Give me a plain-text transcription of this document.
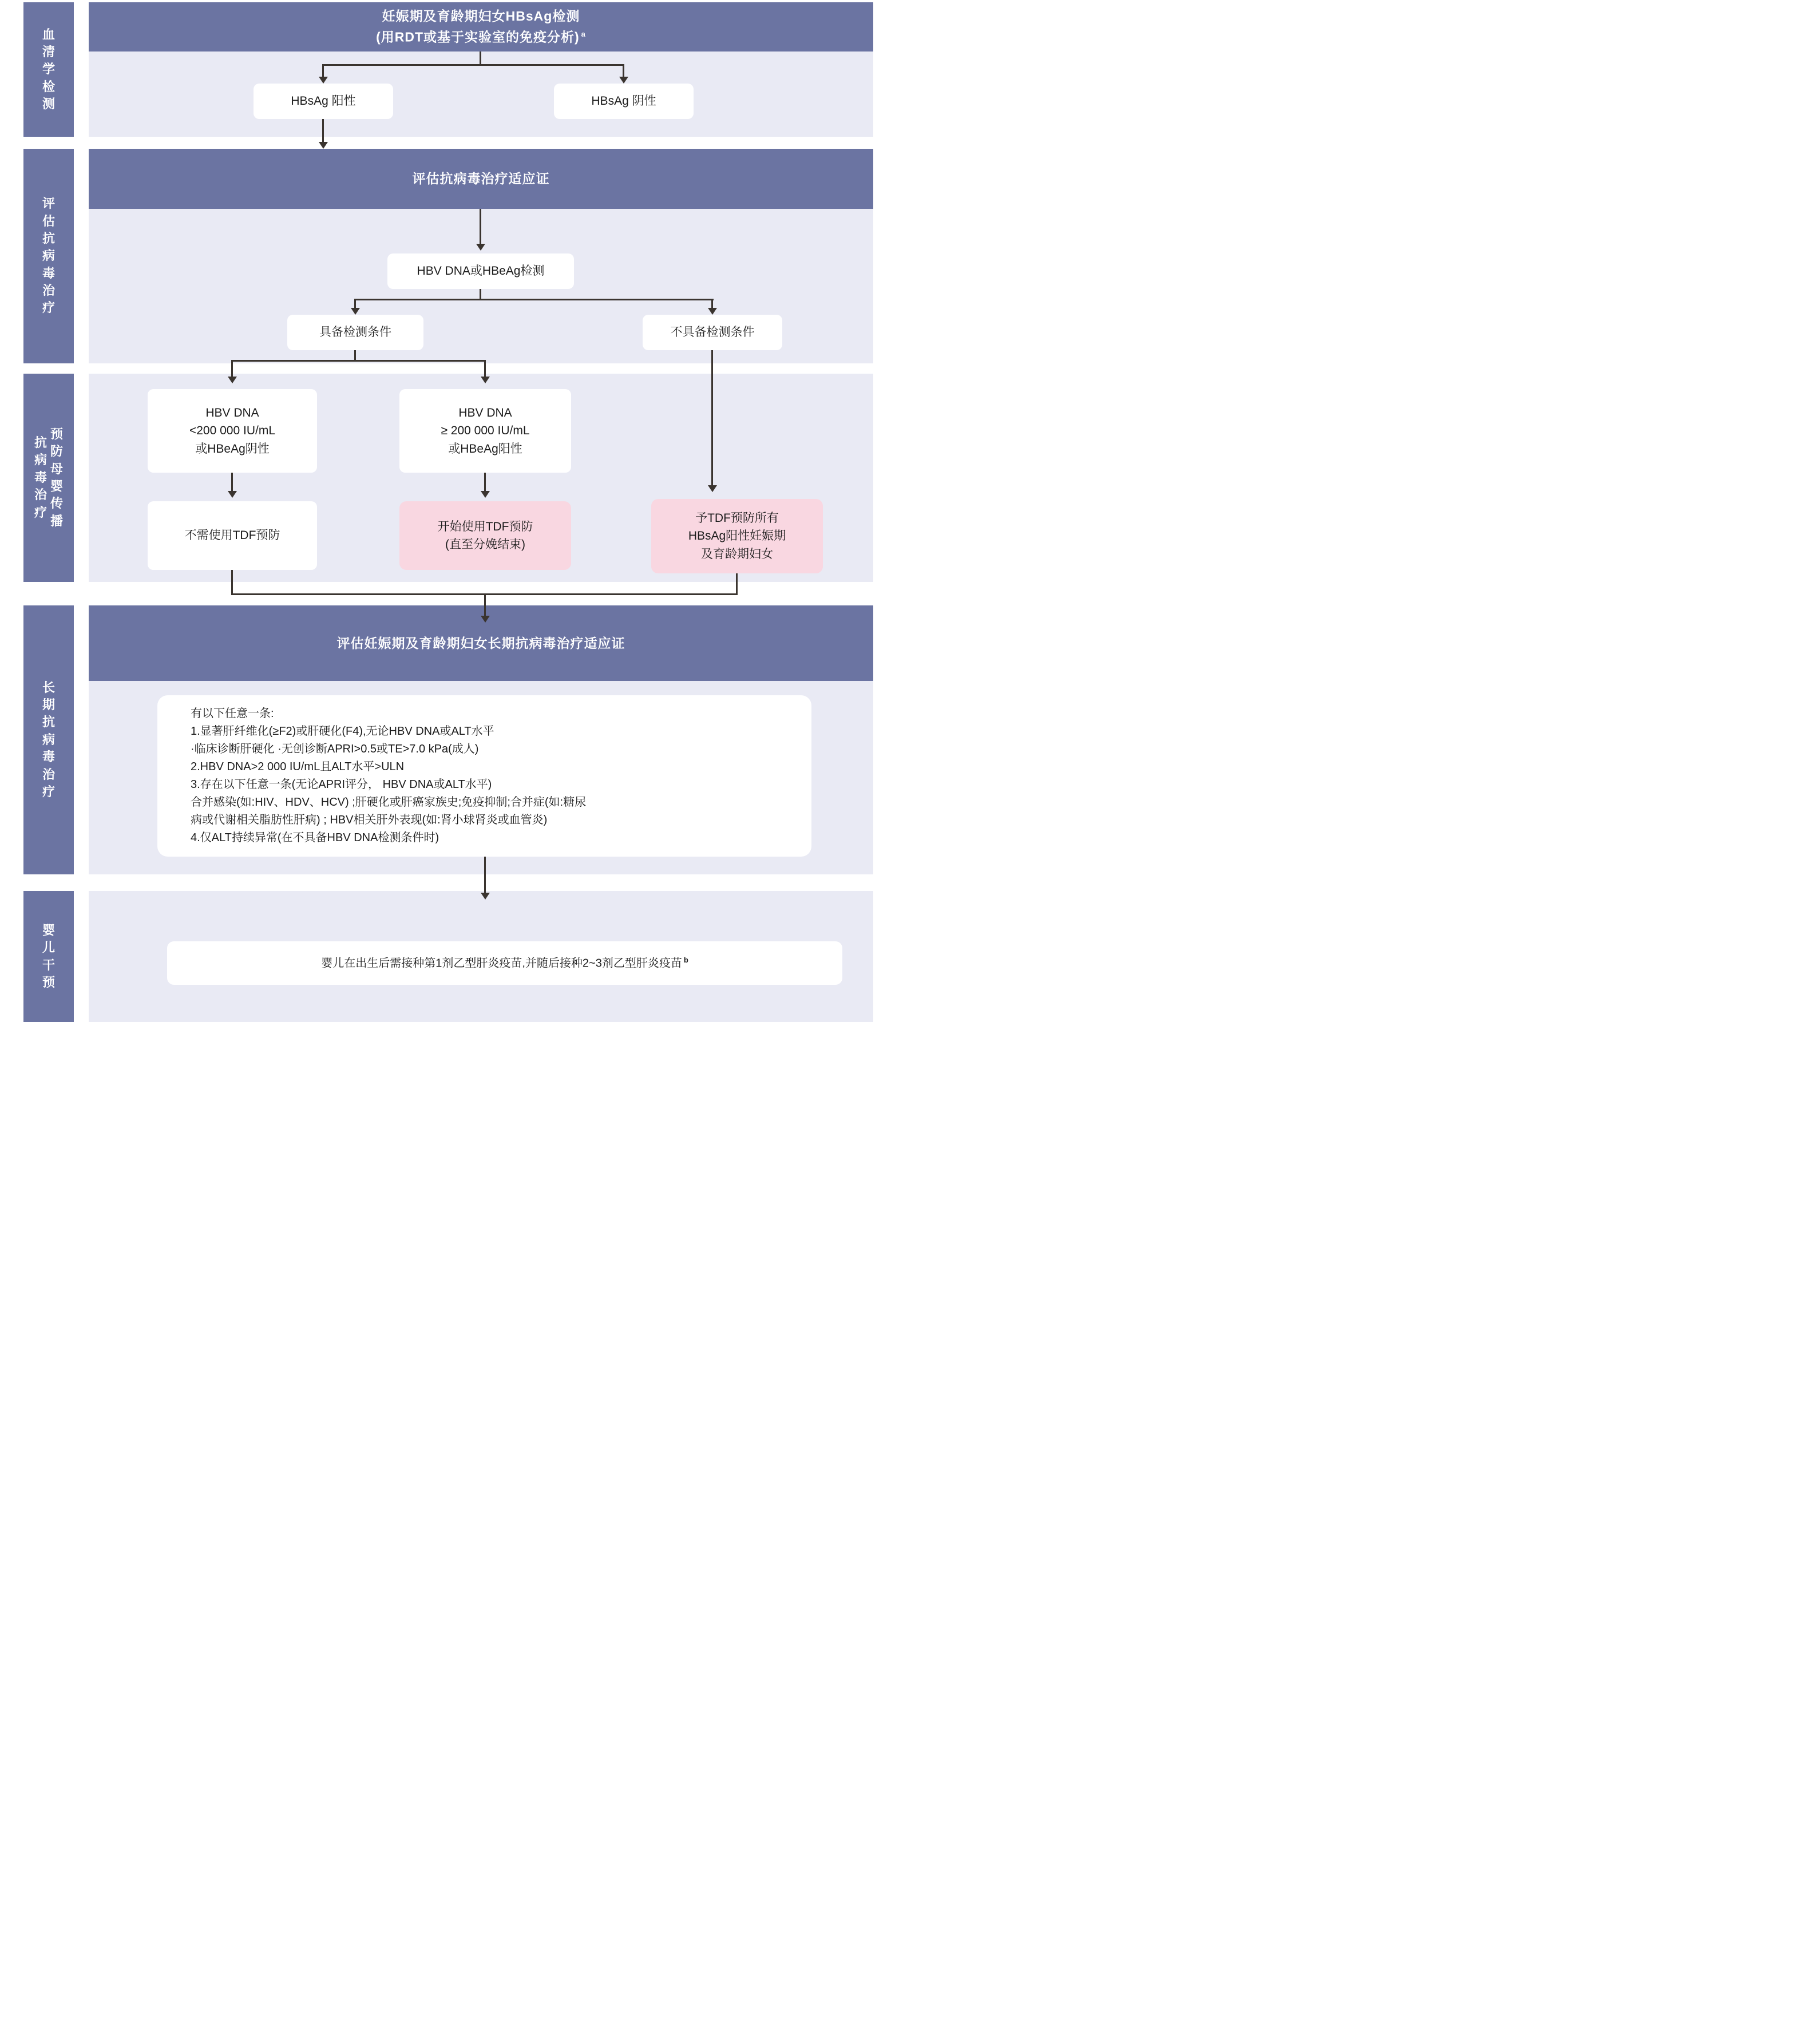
血清学检测
评估抗病毒治疗
预防母婴传播
抗病毒治疗
长期抗病毒治疗
婴儿干预
妊娠期及育龄期妇女HBsAg检测
(用RDT或基于实验室的免疫分析) $^a$
评估抗病毒治疗适应证
评估妊娠期及育龄期妇女长期抗病毒治疗适应证
HBsAg 阳性	HBsAg 阴性
HBV DNA或HBeAg检测
具备检测条件	不具备检测条件
HBV DNA
<200 000 IU/mL
或HBeAg阴性
HBV DNA
≥ 200 000 IU/mL
或HBeAg阳性
不需使用TDF预防
开始使用TDF预防
(直至分娩结束)
予TDF预防所有
HBsAg阳性妊娠期
及育龄期妇女
有以下任意一条:
1.显著肝纤维化(≥F2)或肝硬化(F4),无论HBV DNA或ALT水平
·临床诊断肝硬化 ·无创诊断APRI>0.5或TE>7.0 kPa(成人)
2.HBV DNA>2 000 IU/mL且ALT水平>ULN
3.存在以下任意一条(无论APRI评分， HBV DNA或ALT水平)
合并感染(如:HIV、HDV、HCV) ;肝硬化或肝癌家族史;免疫抑制;合并症(如:糖尿
病或代谢相关脂肪性肝病) ; HBV相关肝外表现(如:肾小球肾炎或血管炎)
4.仅ALT持续异常(在不具备HBV DNA检测条件时)
婴儿在出生后需接种第1剂乙型肝炎疫苗,并随后接种2~3剂乙型肝炎疫苗 $^b$
